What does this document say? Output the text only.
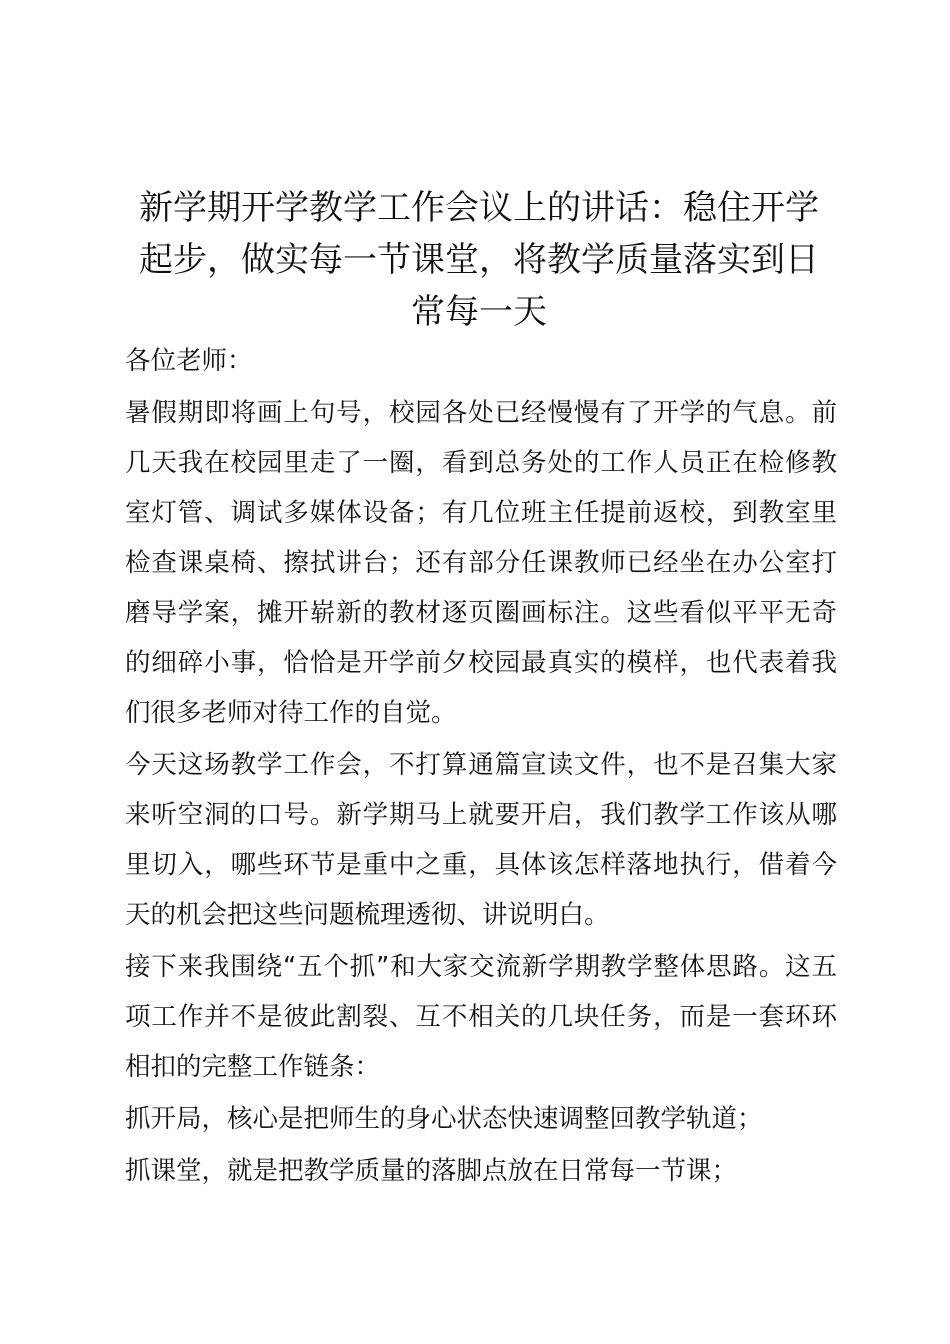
新学期开学教学工作会议上的讲话：稳住开学起步，做实每一节课堂，将教学质量落实到日常每一天

各位老师：

暑假期即将画上句号，校园各处已经慢慢有了开学的气息。前几天我在校园里走了一圈，看到总务处的工作人员正在检修教室灯管、调试多媒体设备；有几位班主任提前返校，到教室里检查课桌椅、擦拭讲台；还有部分任课教师已经坐在办公室打磨导学案，摊开崭新的教材逐页圈画标注。这些看似平平无奇的细碎小事，恰恰是开学前夕校园最真实的模样，也代表着我们很多老师对待工作的自觉。

今天这场教学工作会，不打算通篇宣读文件，也不是召集大家来听空洞的口号。新学期马上就要开启，我们教学工作该从哪里切入，哪些环节是重中之重，具体该怎样落地执行，借着今天的机会把这些问题梳理透彻、讲说明白。

接下来我围绕“五个抓”和大家交流新学期教学整体思路。这五项工作并不是彼此割裂、互不相关的几块任务，而是一套环环相扣的完整工作链条：

抓开局，核心是把师生的身心状态快速调整回教学轨道；

抓课堂，就是把教学质量的落脚点放在日常每一节课；
